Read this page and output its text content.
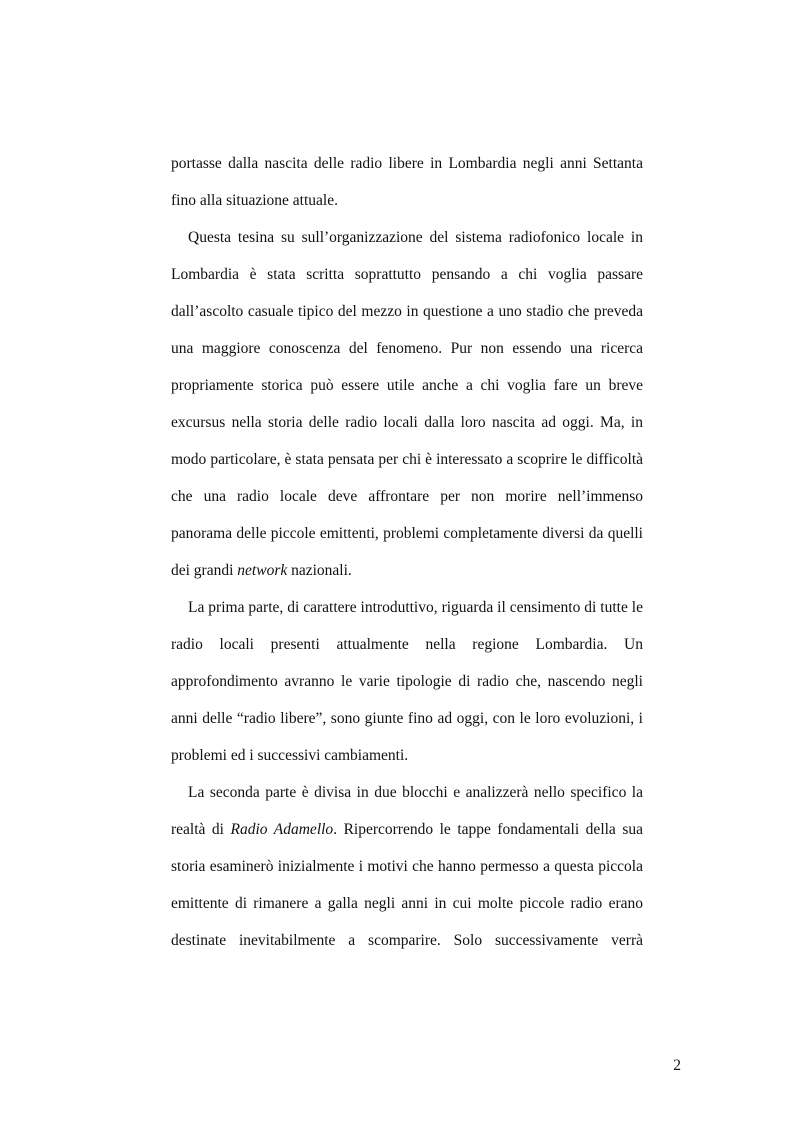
portasse dalla nascita delle radio libere in Lombardia negli anni Settanta fino alla situazione attuale.

Questa tesina su sull’organizzazione del sistema radiofonico locale in Lombardia è stata scritta soprattutto pensando a chi voglia passare dall’ascolto casuale tipico del mezzo in questione a uno stadio che preveda una maggiore conoscenza del fenomeno. Pur non essendo una ricerca propriamente storica può essere utile anche a chi voglia fare un breve excursus nella storia delle radio locali dalla loro nascita ad oggi. Ma, in modo particolare, è stata pensata per chi è interessato a scoprire le difficoltà che una radio locale deve affrontare per non morire nell’immenso panorama delle piccole emittenti, problemi completamente diversi da quelli dei grandi network nazionali.

La prima parte, di carattere introduttivo, riguarda il censimento di tutte le radio locali presenti attualmente nella regione Lombardia. Un approfondimento avranno le varie tipologie di radio che, nascendo negli anni delle “radio libere”, sono giunte fino ad oggi, con le loro evoluzioni, i problemi ed i successivi cambiamenti.

La seconda parte è divisa in due blocchi e analizzerà nello specifico la realtà di Radio Adamello. Ripercorrendo le tappe fondamentali della sua storia esaminerò inizialmente i motivi che hanno permesso a questa piccola emittente di rimanere a galla negli anni in cui molte piccole radio erano destinate inevitabilmente a scomparire. Solo successivamente verrà

2
